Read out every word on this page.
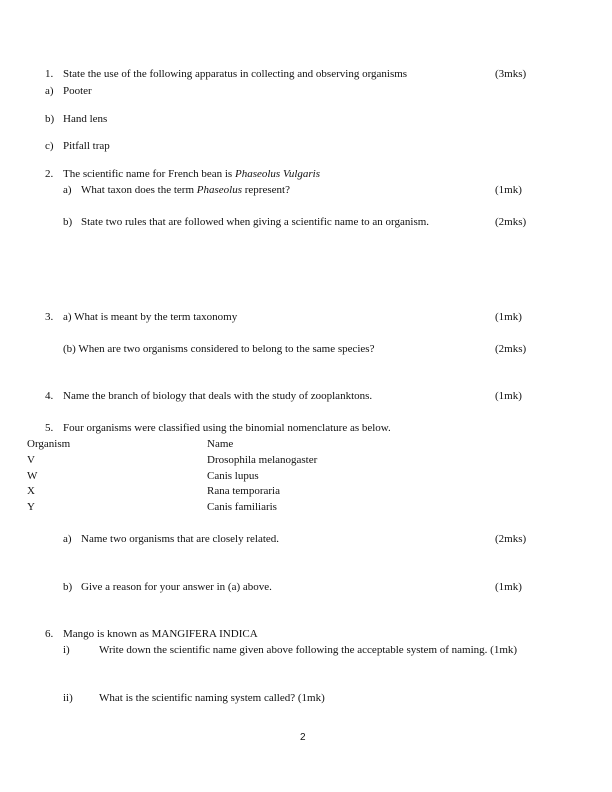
1. State the use of the following apparatus in collecting and observing organisms	(3mks)
a) Pooter
b) Hand lens
c) Pitfall trap
2. The scientific name for French bean is Phaseolus Vulgaris
a) What taxon does the term Phaseolus represent?	(1mk)
b) State two rules that are followed when giving a scientific name to an organism.	(2mks)
3. a) What is meant by the term taxonomy	(1mk)
(b) When are two organisms considered to belong to the same species?	(2mks)
4. Name the branch of biology that deals with the study of zooplanktons.	(1mk)
5. Four organisms were classified using the binomial nomenclature as below.
Organism	Name
V	Drosophila melanogaster
W	Canis lupus
X	Rana temporaria
Y	Canis familiaris
a) Name two organisms that are closely related.	(2mks)
b) Give a reason for your answer in (a) above.	(1mk)
6. Mango is known as MANGIFERA INDICA
i)	Write down the scientific name given above following the acceptable system of naming. (1mk)
ii) What is the scientific naming system called? (1mk)
2
